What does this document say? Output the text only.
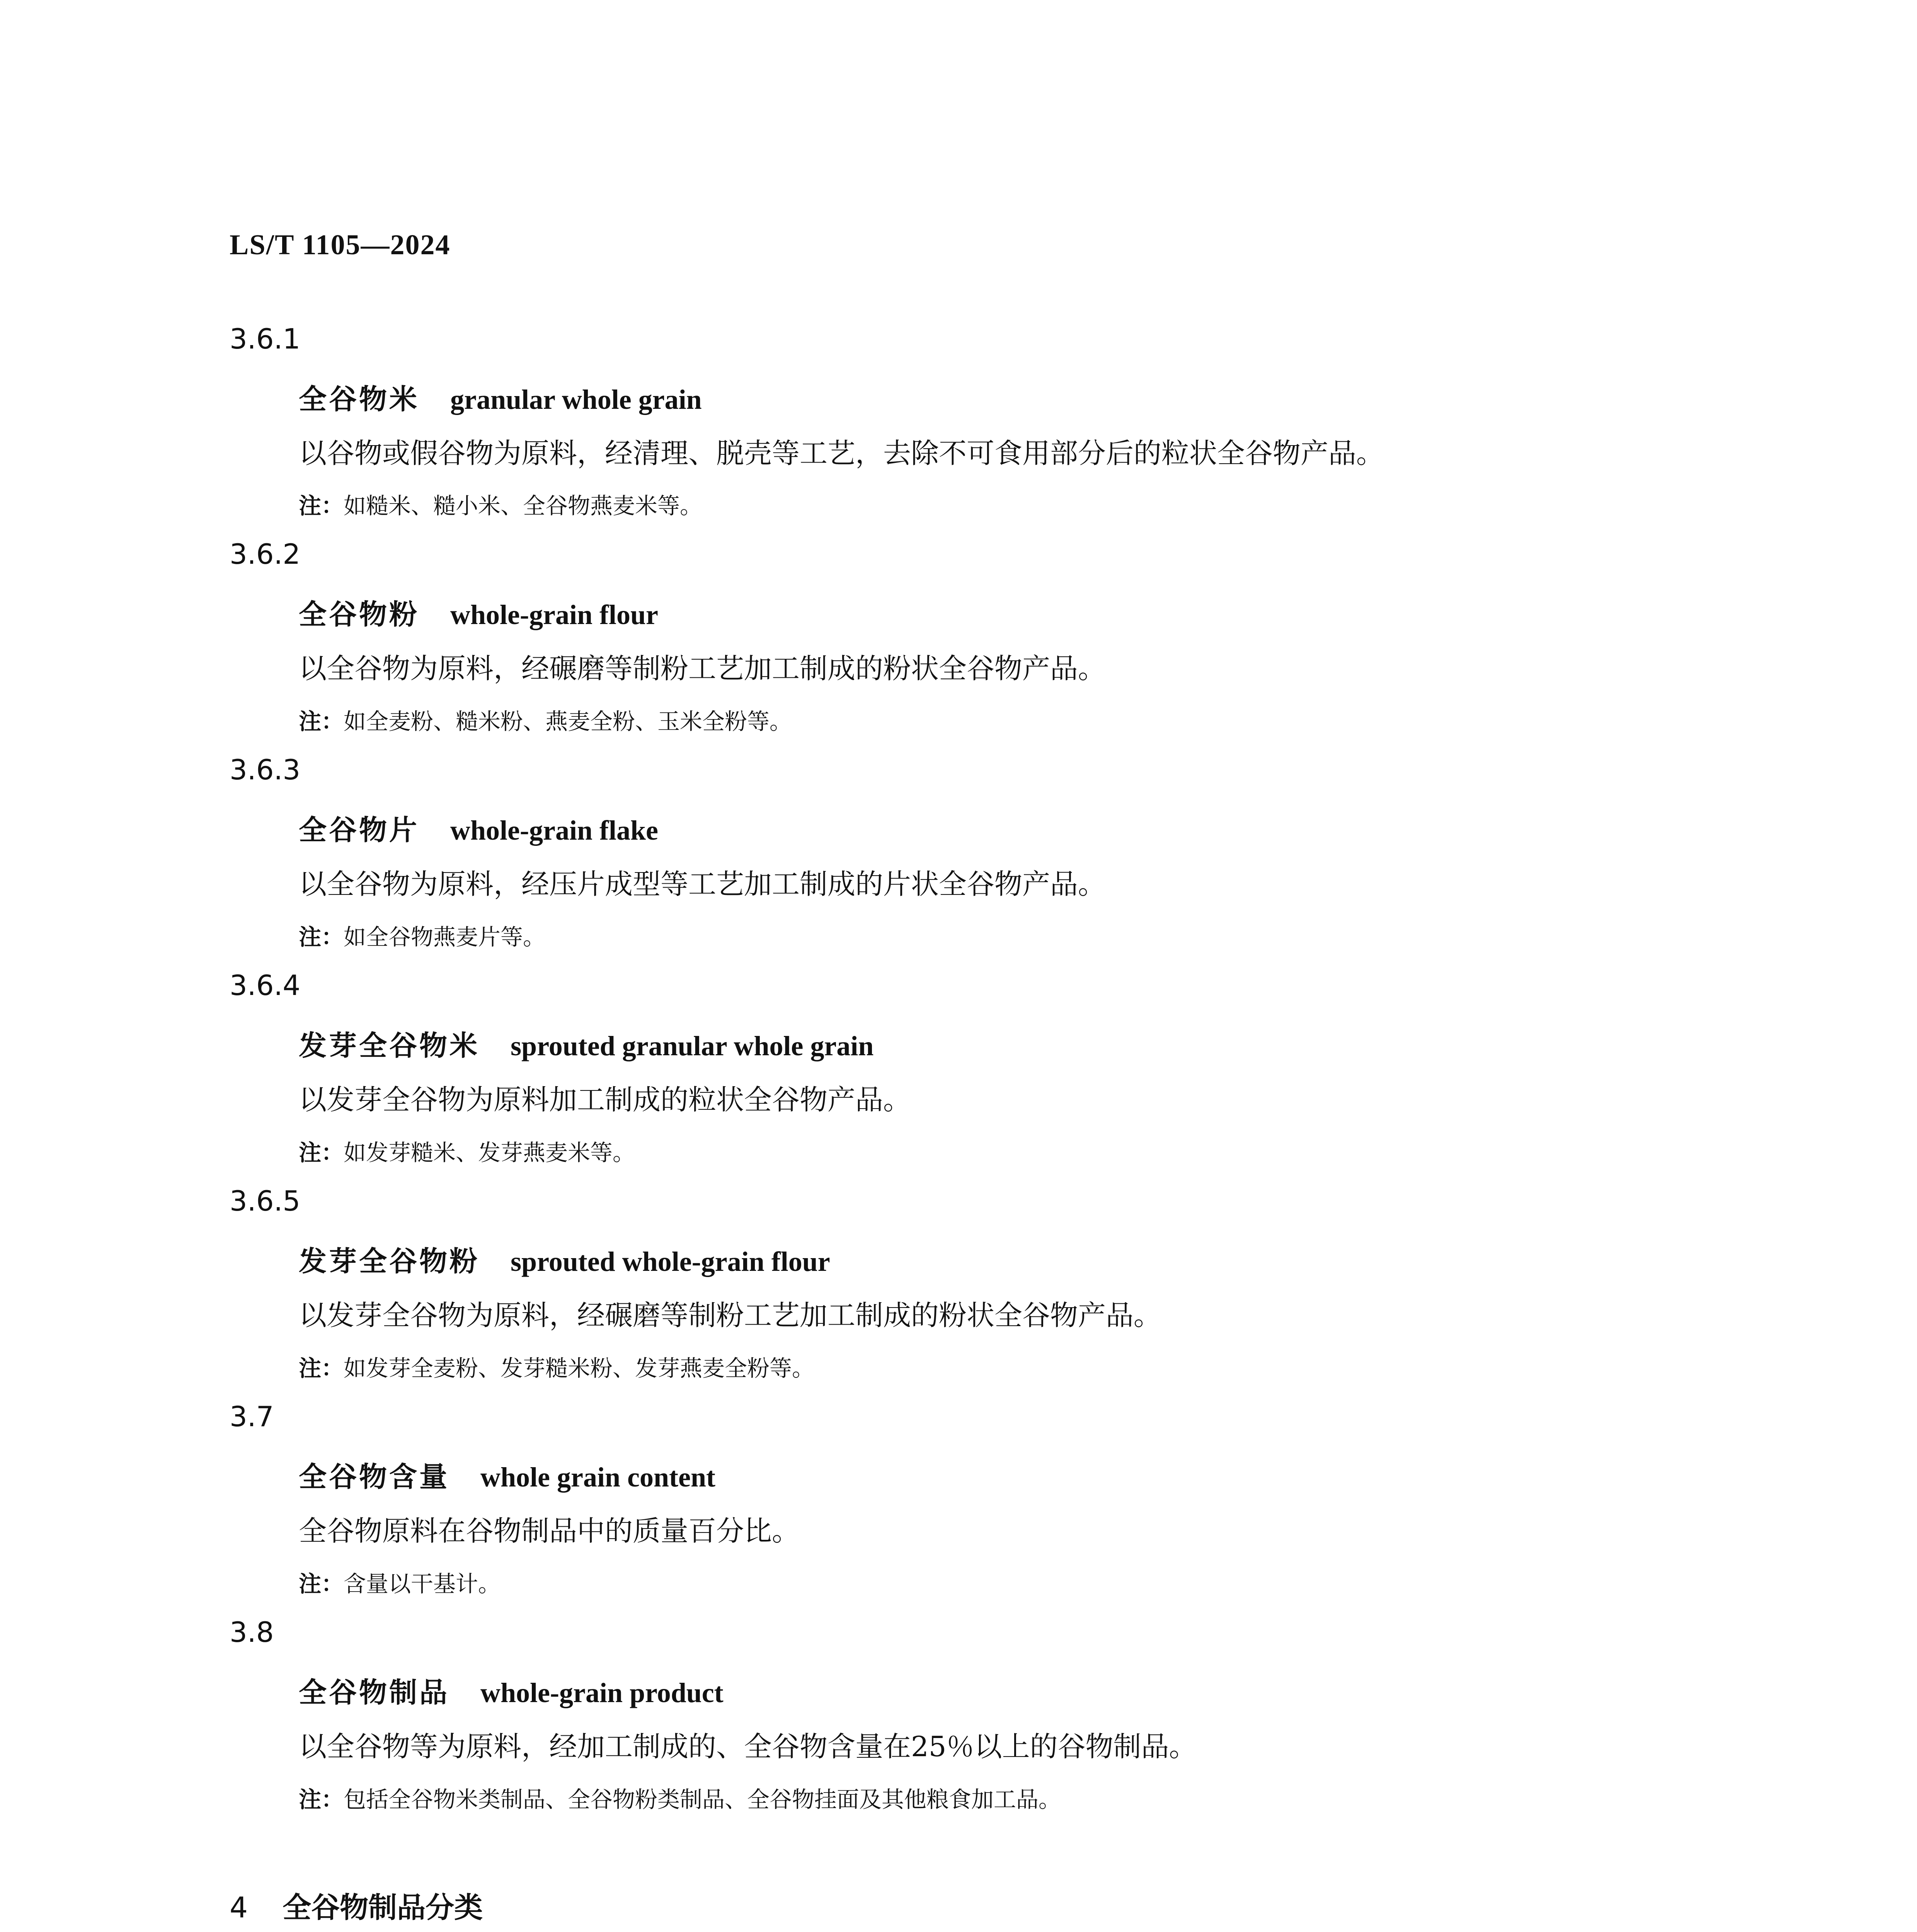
LS/T 1105—2024
3.6.1
全谷物米 granular whole grain
以谷物或假谷物为原料，经清理、脱壳等工艺，去除不可食用部分后的粒状全谷物产品。
注：如糙米、糙小米、全谷物燕麦米等。
3.6.2
全谷物粉 whole-grain flour
以全谷物为原料，经碾磨等制粉工艺加工制成的粉状全谷物产品。
注：如全麦粉、糙米粉、燕麦全粉、玉米全粉等。
3.6.3
全谷物片 whole-grain flake
以全谷物为原料，经压片成型等工艺加工制成的片状全谷物产品。
注：如全谷物燕麦片等。
3.6.4
发芽全谷物米 sprouted granular whole grain
以发芽全谷物为原料加工制成的粒状全谷物产品。
注：如发芽糙米、发芽燕麦米等。
3.6.5
发芽全谷物粉 sprouted whole-grain flour
以发芽全谷物为原料，经碾磨等制粉工艺加工制成的粉状全谷物产品。
注：如发芽全麦粉、发芽糙米粉、发芽燕麦全粉等。
3.7
全谷物含量 whole grain content
全谷物原料在谷物制品中的质量百分比。
注：含量以干基计。
3.8
全谷物制品 whole-grain product
以全谷物等为原料，经加工制成的、全谷物含量在25％以上的谷物制品。
注：包括全谷物米类制品、全谷物粉类制品、全谷物挂面及其他粮食加工品。
4 全谷物制品分类
